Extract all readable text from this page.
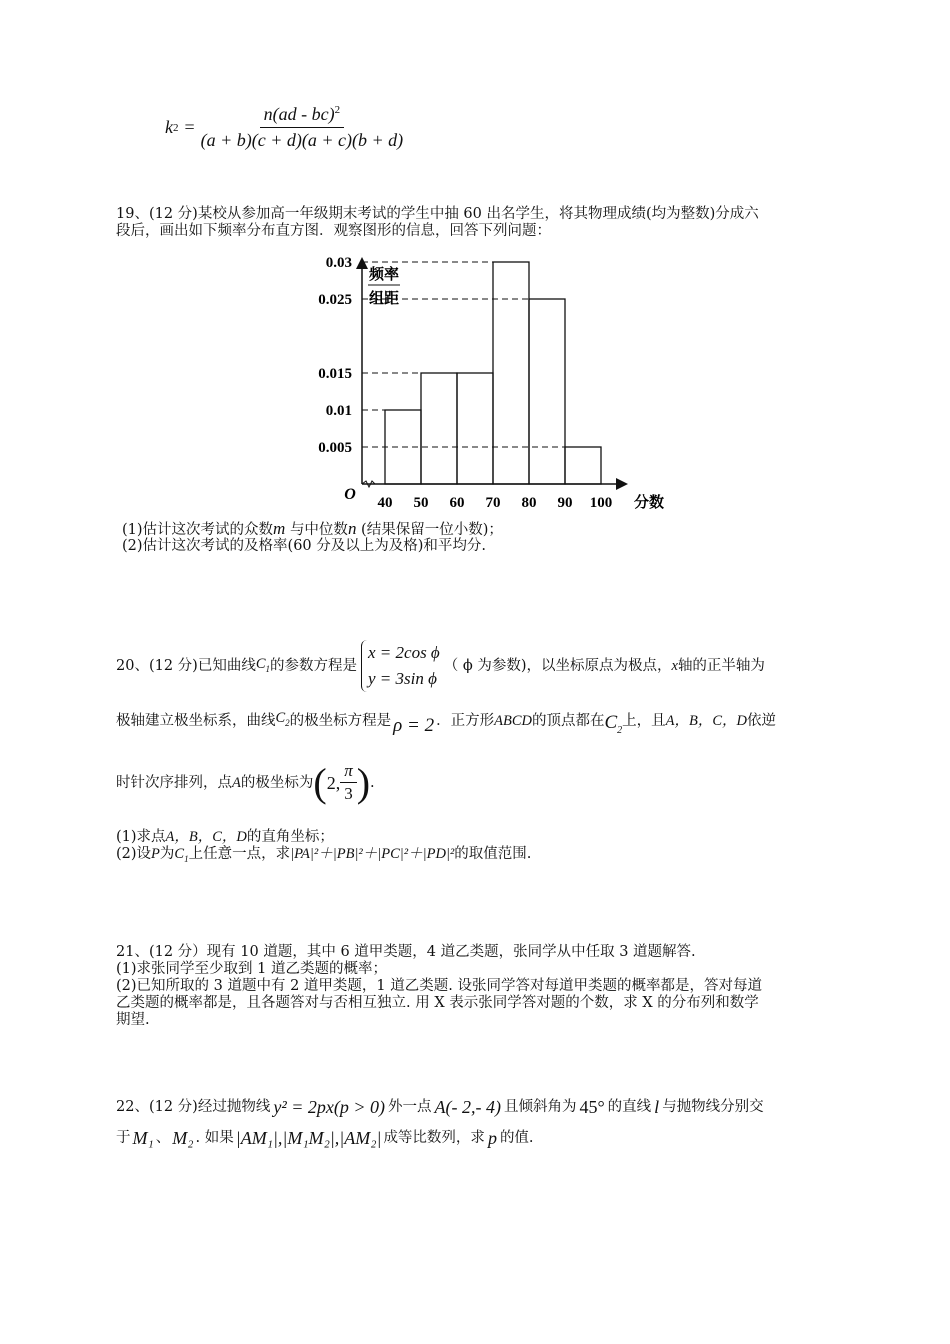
k $2 = \frac{n(ad - bc)^2}{(a + b)(c + d)(a + c)(b + d)}$
19、(12 分)某校从参加高一年级期末考试的学生中抽 60 出名学生，将其物理成绩(均为整数)分成六
段后，画出如下频率分布直方图．观察图形的信息，回答下列问题：
0.03
0.025
0.015
0.01
0.005
40 50 60 70 80 90 100
频率
组距
O	分数
(1)估计这次考试的众数m 与中位数n (结果保留一位小数)；
(2)估计这次考试的及格率(60 分及以上为及格)和平均分.
20、(12 分)已知曲线 $C_1$ 的参数方程是
x = 2cos ϕ
y = 3sin ϕ
（ ϕ 为参数)，以坐标原点为极点， x 轴的正半轴为
极轴建立极坐标系，曲线 $C_2$ 的极坐标方程是 ρ = 2 ．正方形 ABCD 的顶点都在 $C_2$
上，且 A，B，C，D 依逆
时针次序排列，点 A 的极坐标为 ( 2, $\frac{\pi}{3}$ ) .
(1)求点A，B，C，D的直角坐标；
(2)设P为$C_1$上任意一点，求|PA|²＋|PB|²＋|PC|²＋|PD|²的取值范围.
21、(12 分）现有 10 道题，其中 6 道甲类题，4 道乙类题，张同学从中任取 3 道题解答.
(1)求张同学至少取到 1 道乙类题的概率；
(2)已知所取的 3 道题中有 2 道甲类题，1 道乙类题. 设张同学答对每道甲类题的概率都是，答对每道
乙类题的概率都是，且各题答对与否相互独立. 用 X 表示张同学答对题的个数，求 X 的分布列和数学
期望.
22、(12 分)经过抛物线 y² = 2px(p > 0) 外一点 A(- 2,- 4) 且倾斜角为 45° 的直线 l 与抛物线分别交
于 M₁ 、 M₂ . 如果 |AM₁|,|M₁M₂|,|AM₂| 成等比数列，求 p 的值.
